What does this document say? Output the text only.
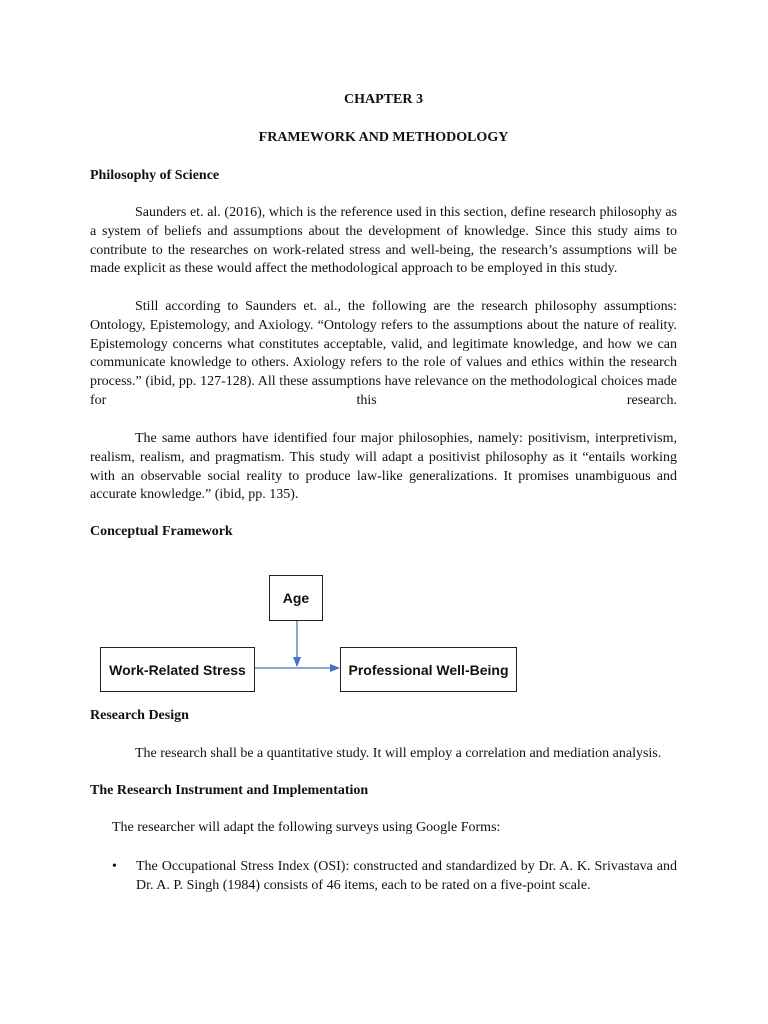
CHAPTER 3
FRAMEWORK AND METHODOLOGY
Philosophy of Science

Saunders et. al. (2016), which is the reference used in this section, define research philosophy as a system of beliefs and assumptions about the development of knowledge. Since this study aims to contribute to the researches on work-related stress and well-being, the research’s assumptions will be made explicit as these would affect the methodological approach to be employed in this study.

Still according to Saunders et. al., the following are the research philosophy assumptions: Ontology, Epistemology, and Axiology. “Ontology refers to the assumptions about the nature of reality. Epistemology concerns what constitutes acceptable, valid, and legitimate knowledge, and how we can communicate knowledge to others. Axiology refers to the role of values and ethics within the research process.” (ibid, pp. 127-128). All these assumptions have relevance on the methodological choices made for this research.

The same authors have identified four major philosophies, namely: positivism, interpretivism, realism, realism, and pragmatism. This study will adapt a positivist philosophy as it “entails working with an observable social reality to produce law-like generalizations. It promises unambiguous and accurate knowledge.” (ibid, pp. 135).

Conceptual Framework
Research Design

The research shall be a quantitative study. It will employ a correlation and mediation analysis.

The Research Instrument and Implementation

The researcher will adapt the following surveys using Google Forms:

• The Occupational Stress Index (OSI): constructed and standardized by Dr. A. K. Srivastava and Dr. A. P. Singh (1984) consists of 46 items, each to be rated on a five-point scale.

Age
Work-Related Stress	Professional Well-Being
